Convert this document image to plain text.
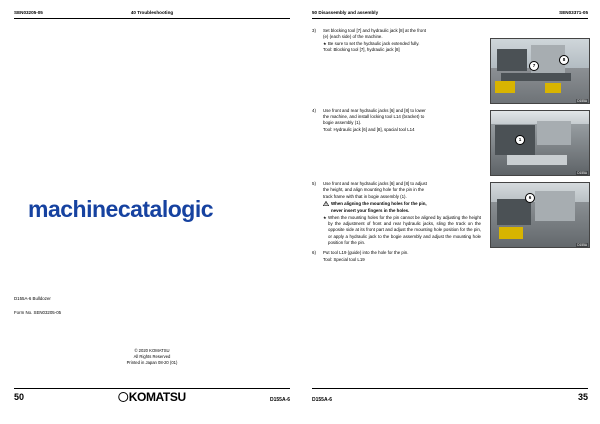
SEN03205-05	40 Troubleshooting
D155A-6 Bulldozer
Form No. SEN03205-05
© 2020 KOMATSU
All Rights Reserved
Printed in Japan 08-20 (01)
50	KOMATSU	D155A-6
50 Disassembly and assembly	SEN03371-05
3)	Set blocking tool [7] and hydraulic jack [8] at the front
(e) (each side) of the machine.
★ Be sure to set the hydraulic jack extended fully.
Tool: Blocking tool [7], hydraulic jack [8]
4)	Use front and rear hydraulic jacks [6] and [8] to lower
the machine, and install locking tool L14 (bracket) to
bogie assembly (1).
Tool: Hydraulic jack [6] and [8], spacial tool L14
5)	Use front and rear hydraulic jacks [6] and [8] to adjust
the height, and align mounting hole for the pin in the
track frame with that in bogie assembly (1).
When aligning the mounting holes for the pin,
never insert your fingers in the holes.
★ When the mounting holes for the pin cannot be aligned by adjusting the height by the adjustment of front and rear hydraulic jacks, sling the track on the opposite side at its front part and adjust the mounting hole position for the pin, or apply a hydraulic jack to the bogie assembly and adjust the mounting hole position for the pin.
6)	Put tool L19 (guide) into the hole for the pin.
Tool: Special tool L19
7
8
D155A
1
D155A
6
D155A
35
D155A-6
machinecatalogic
